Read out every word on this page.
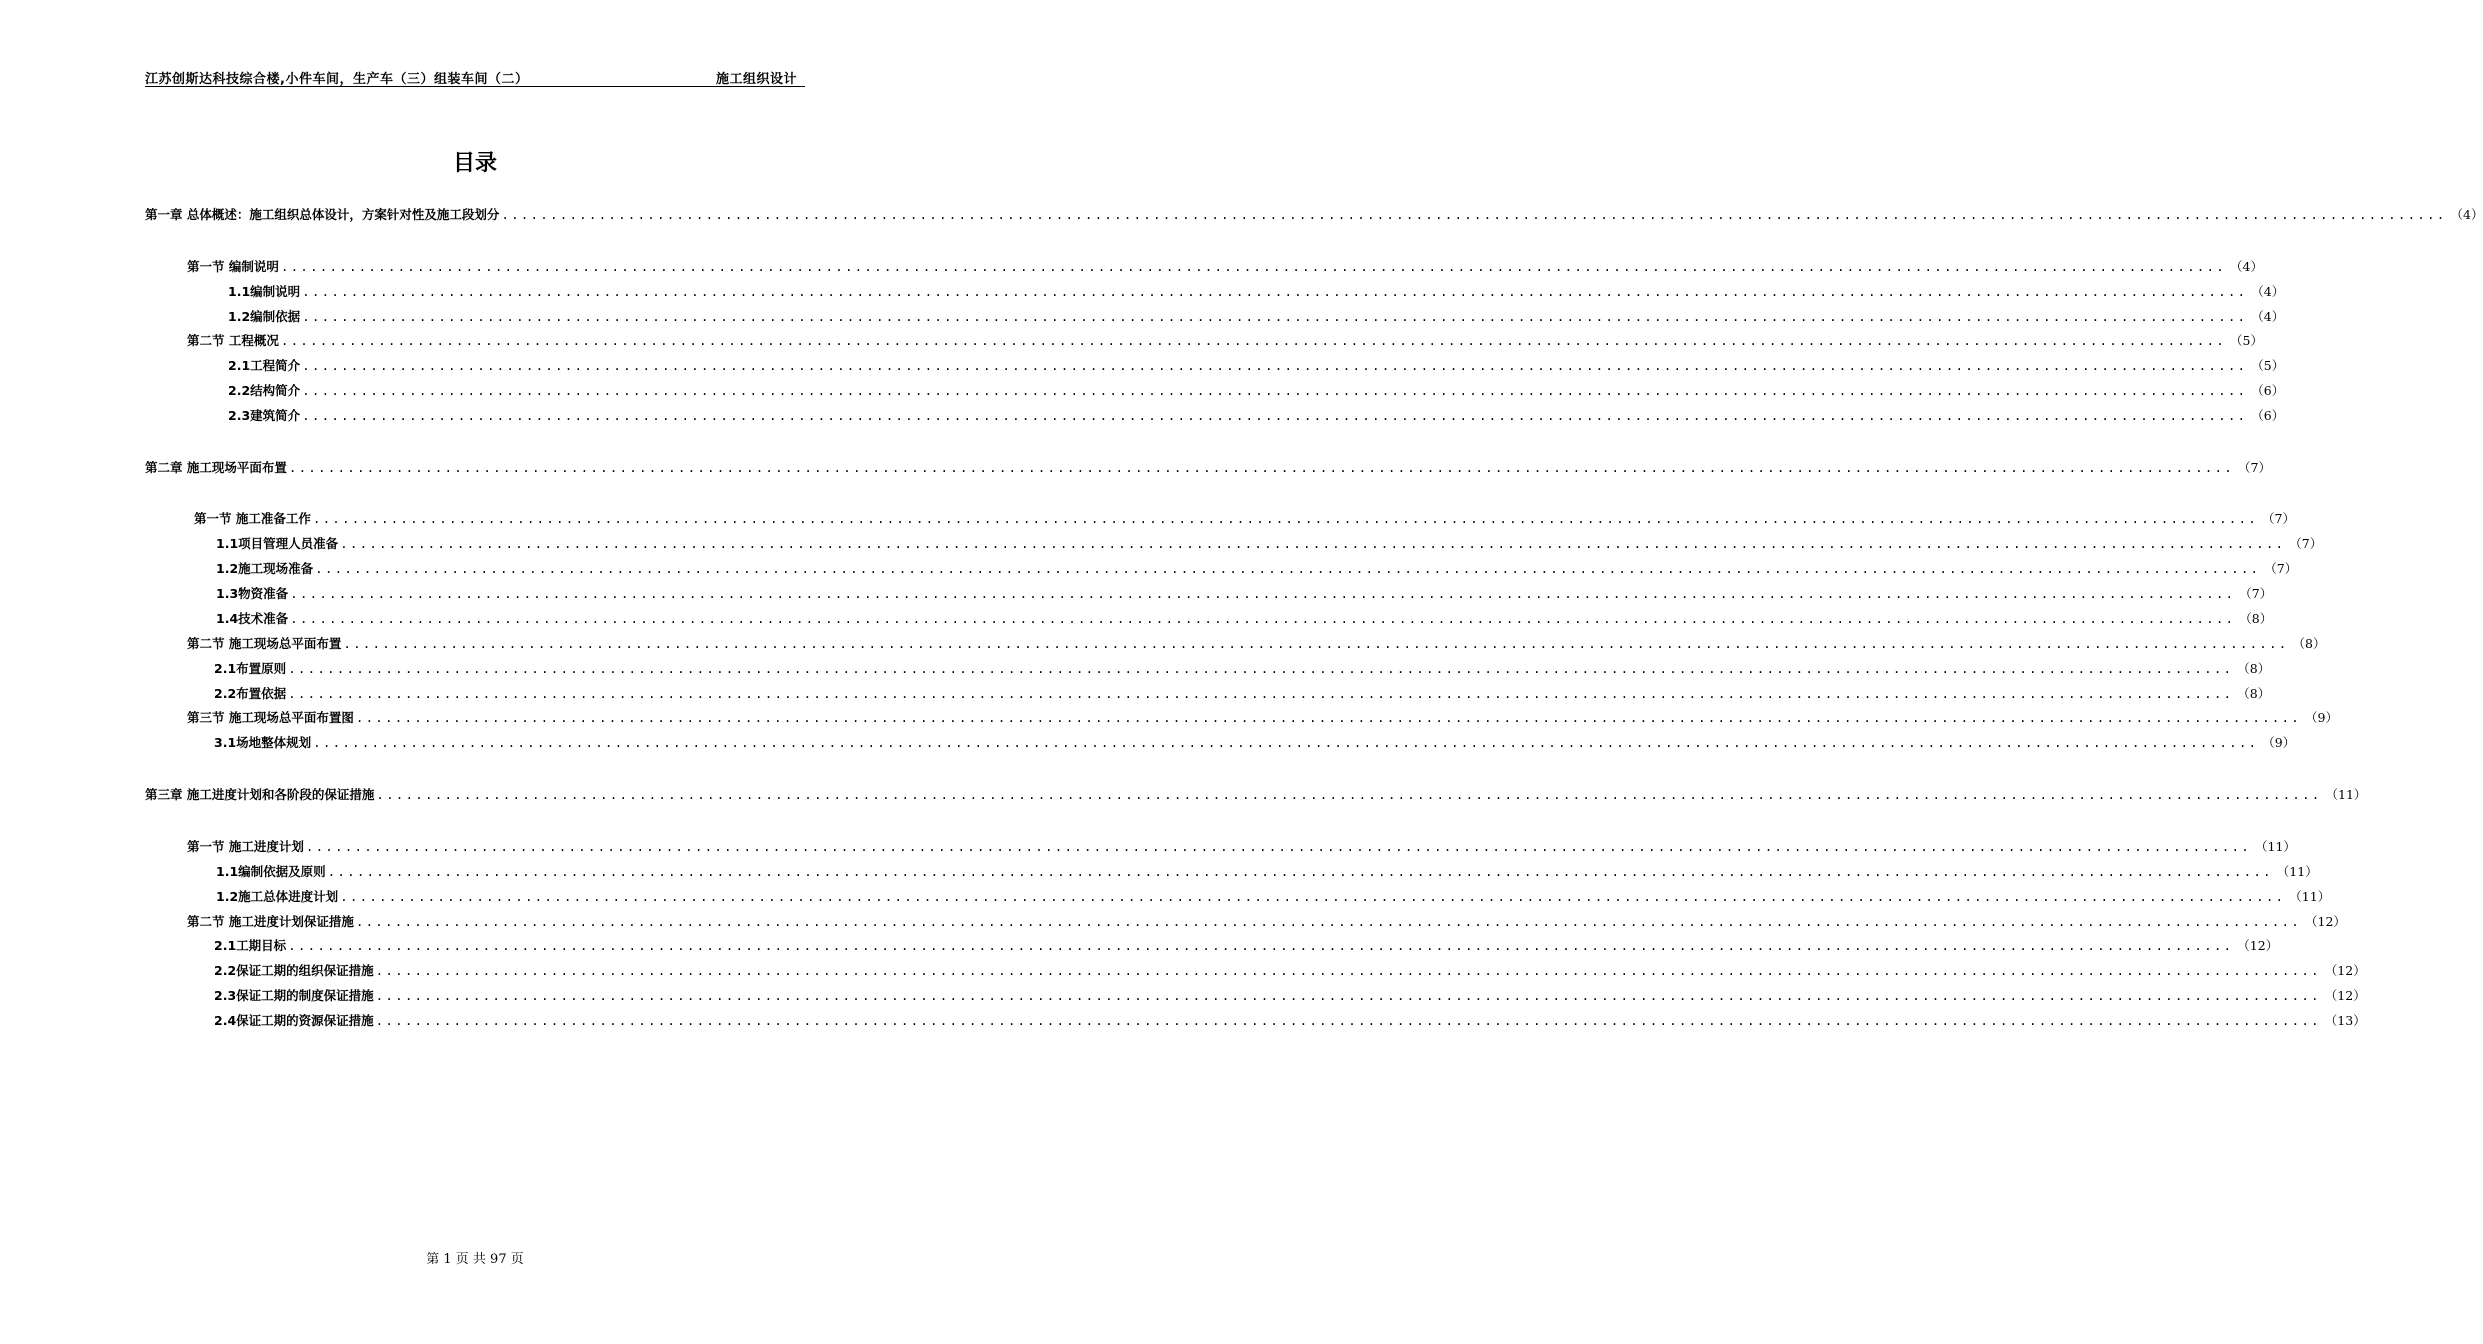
江苏创斯达科技综合楼,小件车间，生产车（三）组装车间（二）	施工组织设计
目录
第一章 总体概述：施工组织总体设计，方案针对性及施工段划分 ........................................................................................................................................................................................................ （4）
第一节 编制说明 ........................................................................................................................................................................................................ （4）
1.1编制说明 ........................................................................................................................................................................................................ （4）
1.2编制依据 ........................................................................................................................................................................................................ （4）
第二节 工程概况 ........................................................................................................................................................................................................ （5）
2.1工程简介 ........................................................................................................................................................................................................ （5）
2.2结构简介 ........................................................................................................................................................................................................ （6）
2.3建筑简介 ........................................................................................................................................................................................................ （6）
第二章 施工现场平面布置 ........................................................................................................................................................................................................ （7）
第一节 施工准备工作 ........................................................................................................................................................................................................ （7）
1.1项目管理人员准备 ........................................................................................................................................................................................................ （7）
1.2施工现场准备 ........................................................................................................................................................................................................ （7）
1.3物资准备 ........................................................................................................................................................................................................ （7）
1.4技术准备 ........................................................................................................................................................................................................ （8）
第二节 施工现场总平面布置 ........................................................................................................................................................................................................ （8）
2.1布置原则 ........................................................................................................................................................................................................ （8）
2.2布置依据 ........................................................................................................................................................................................................ （8）
第三节 施工现场总平面布置图 ........................................................................................................................................................................................................ （9）
3.1场地整体规划 ........................................................................................................................................................................................................ （9）
第三章 施工进度计划和各阶段的保证措施 ........................................................................................................................................................................................................ （11）
第一节 施工进度计划 ........................................................................................................................................................................................................ （11）
1.1编制依据及原则 ........................................................................................................................................................................................................ （11）
1.2施工总体进度计划 ........................................................................................................................................................................................................ （11）
第二节 施工进度计划保证措施 ........................................................................................................................................................................................................ （12）
2.1工期目标 ........................................................................................................................................................................................................ （12）
2.2保证工期的组织保证措施 ........................................................................................................................................................................................................ （12）
2.3保证工期的制度保证措施 ........................................................................................................................................................................................................ （12）
2.4保证工期的资源保证措施 ........................................................................................................................................................................................................ （13）
第 1 页 共 97 页
